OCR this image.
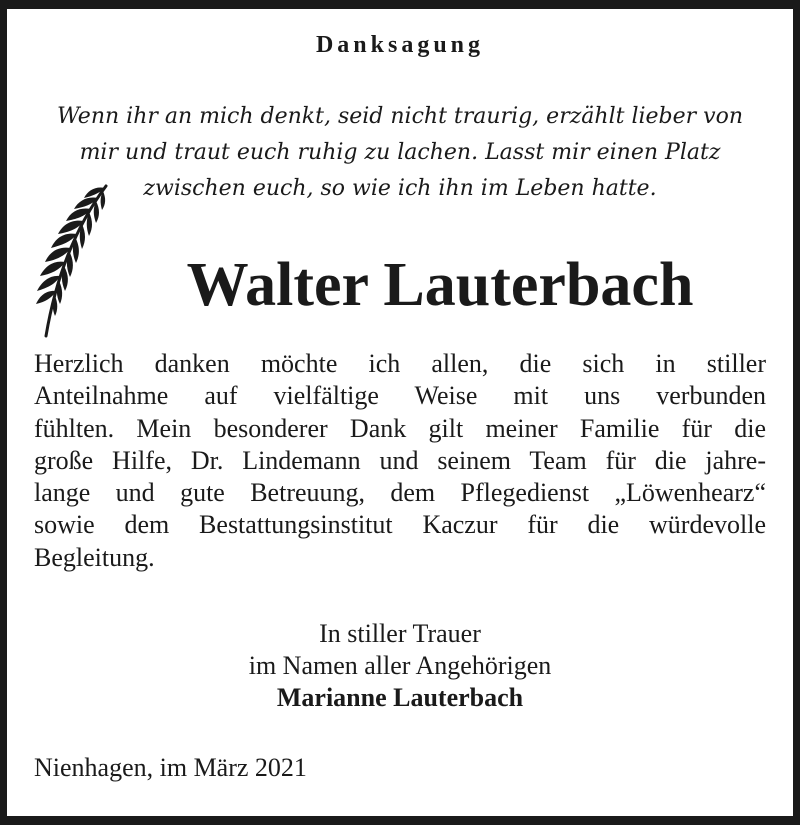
Danksagung
Wenn ihr an mich denkt, seid nicht traurig, erzählt lieber von
mir und traut euch ruhig zu lachen. Lasst mir einen Platz
zwischen euch, so wie ich ihn im Leben hatte.
Walter Lauterbach
Herzlich danken möchte ich allen, die sich in stiller
Anteilnahme auf vielfältige Weise mit uns verbunden
fühlten. Mein besonderer Dank gilt meiner Familie für die
große Hilfe, Dr. Lindemann und seinem Team für die jahre-
lange und gute Betreuung, dem Pflegedienst „Löwenhearz“
sowie dem Bestattungsinstitut Kaczur für die würdevolle
Begleitung.
In stiller Trauer
im Namen aller Angehörigen
Marianne Lauterbach
Nienhagen, im März 2021
